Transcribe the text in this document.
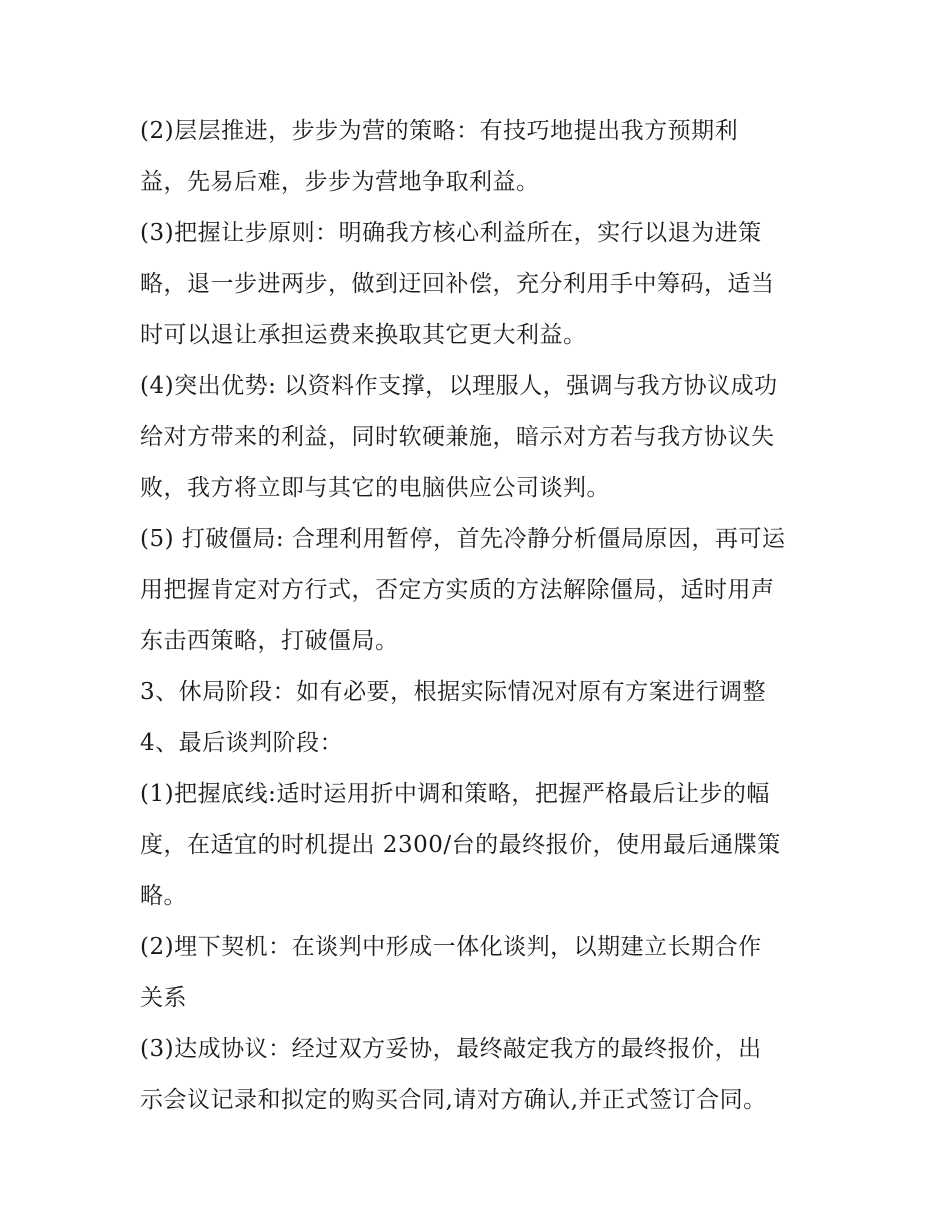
(2)层层推进，步步为营的策略：有技巧地提出我方预期利
益，先易后难，步步为营地争取利益。

(3)把握让步原则：明确我方核心利益所在，实行以退为进策
略，退一步进两步，做到迂回补偿，充分利用手中筹码，适当
时可以退让承担运费来换取其它更大利益。

(4)突出优势: 以资料作支撑，以理服人，强调与我方协议成功
给对方带来的利益，同时软硬兼施，暗示对方若与我方协议失
败，我方将立即与其它的电脑供应公司谈判。

(5) 打破僵局: 合理利用暂停，首先冷静分析僵局原因，再可运
用把握肯定对方行式，否定方实质的方法解除僵局，适时用声
东击西策略，打破僵局。

3、休局阶段：如有必要，根据实际情况对原有方案进行调整

4、最后谈判阶段：

(1)把握底线:适时运用折中调和策略，把握严格最后让步的幅
度，在适宜的时机提出 2300/台的最终报价，使用最后通牒策
略。

(2)埋下契机：在谈判中形成一体化谈判，以期建立长期合作
关系

(3)达成协议：经过双方妥协，最终敲定我方的最终报价，出
示会议记录和拟定的购买合同,请对方确认,并正式签订合同。
